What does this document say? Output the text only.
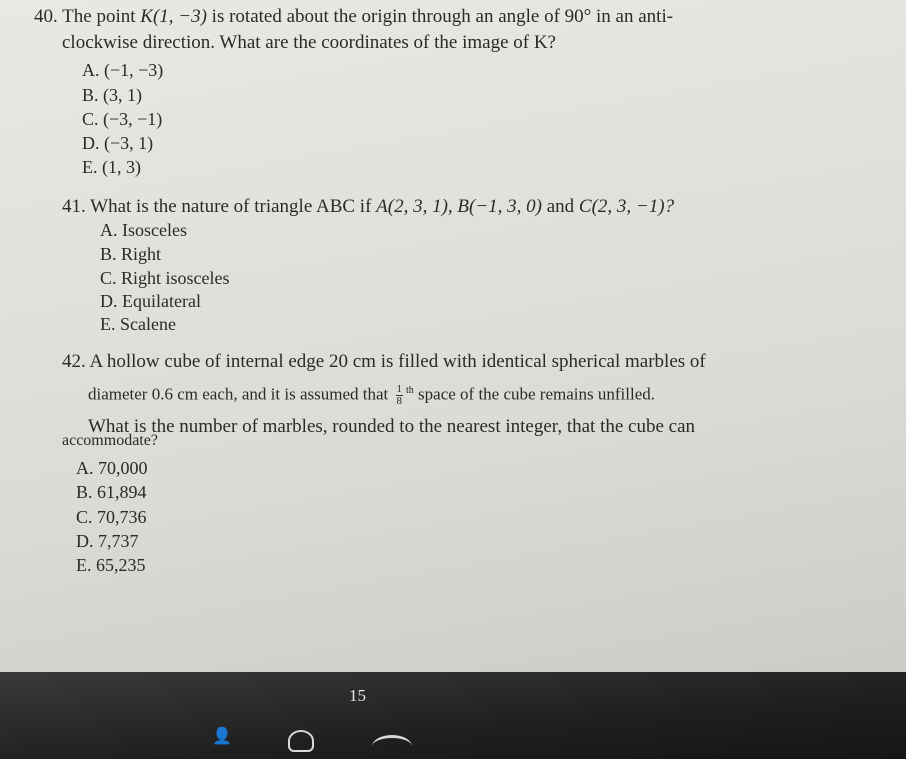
40. The point K(1, −3) is rotated about the origin through an angle of 90° in an anti-
clockwise direction. What are the coordinates of the image of K?
A. (−1, −3)
B. (3, 1)
C. (−3, −1)
D. (−3, 1)
E. (1, 3)
41. What is the nature of triangle ABC if A(2, 3, 1), B(−1, 3, 0) and C(2, 3, −1)?
A. Isosceles
B. Right
C. Right isosceles
D. Equilateral
E. Scalene
42. A hollow cube of internal edge 20 cm is filled with identical spherical marbles of
diameter 0.6 cm each, and it is assumed that $\frac{1}{8} ^{th}$ space of the cube remains unfilled.
What is the number of marbles, rounded to the nearest integer, that the cube can
accommodate?
A. 70,000
B. 61,894
C. 70,736
D. 7,737
E. 65,235
15
👤
